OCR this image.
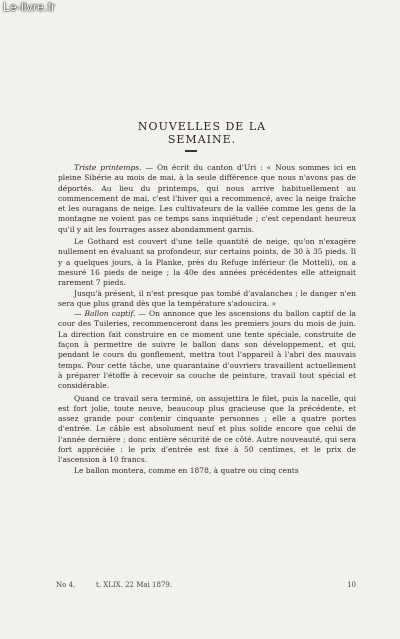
Le-livre.fr
NOUVELLES DE LA SEMAINE.

Triste printemps. — On écrit du canton d'Uri : « Nous sommes ici en pleine Sibérie au mois de mai, à la seule différence que nous n'avons pas de déportés. Au lieu du printemps, qui nous arrive habituellement au commencement de mai, c'est l'hiver qui a recommencé, avec la neige fraîche et les ouragans de neige. Les cultivateurs de la vallée comme les gens de la montagne ne voient pas ce temps sans inquiétude ; c'est cependant heureux qu'il y ait les fourrages assez abondamment garnis.

Le Gothard est couvert d'une telle quantité de neige, qu'on n'exagère nullement en évaluant sa profondeur, sur certains points, de 30 à 35 pieds. Il y a quelques jours, à la Planke, près du Refuge inférieur (le Motteli), on a mesuré 16 pieds de neige ; la 40e des années précédentes elle atteignait rarement 7 pieds.

Jusqu'à présent, il n'est presque pas tombé d'avalanches ; le danger n'en sera que plus grand dès que la température s'adoucira. »

— Ballon captif. — On annonce que les ascensions du ballon captif de la cour des Tuileries, recommenceront dans les premiers jours du mois de juin. La direction fait construire en ce moment une tente spéciale, construite de façon à permettre de suivre le ballon dans son développement, et qui, pendant le cours du gonflement, mettra tout l'appareil à l'abri des mauvais temps. Pour cette tâche, une quarantaine d'ouvriers travaillent actuellement à préparer l'étoffe à recevoir sa couche de peinture, travail tout spécial et considérable.

Quand ce travail sera terminé, on assujettira le filet, puis la nacelle, qui est fort jolie, toute neuve, beaucoup plus gracieuse que la précédente, et assez grande pour contenir cinquante personnes ; elle a quatre portes d'entrée. Le câble est absolument neuf et plus solide encore que celui de l'année dernière ; donc entière sécurité de ce côté. Autre nouveauté, qui sera fort appréciée : le prix d'entrée est fixé à 50 centimes, et le prix de l'ascension à 10 francs.

Le ballon montera, comme en 1878, à quatre ou cinq cents

No 4,	t. XLIX. 22 Mai 1879.	10
